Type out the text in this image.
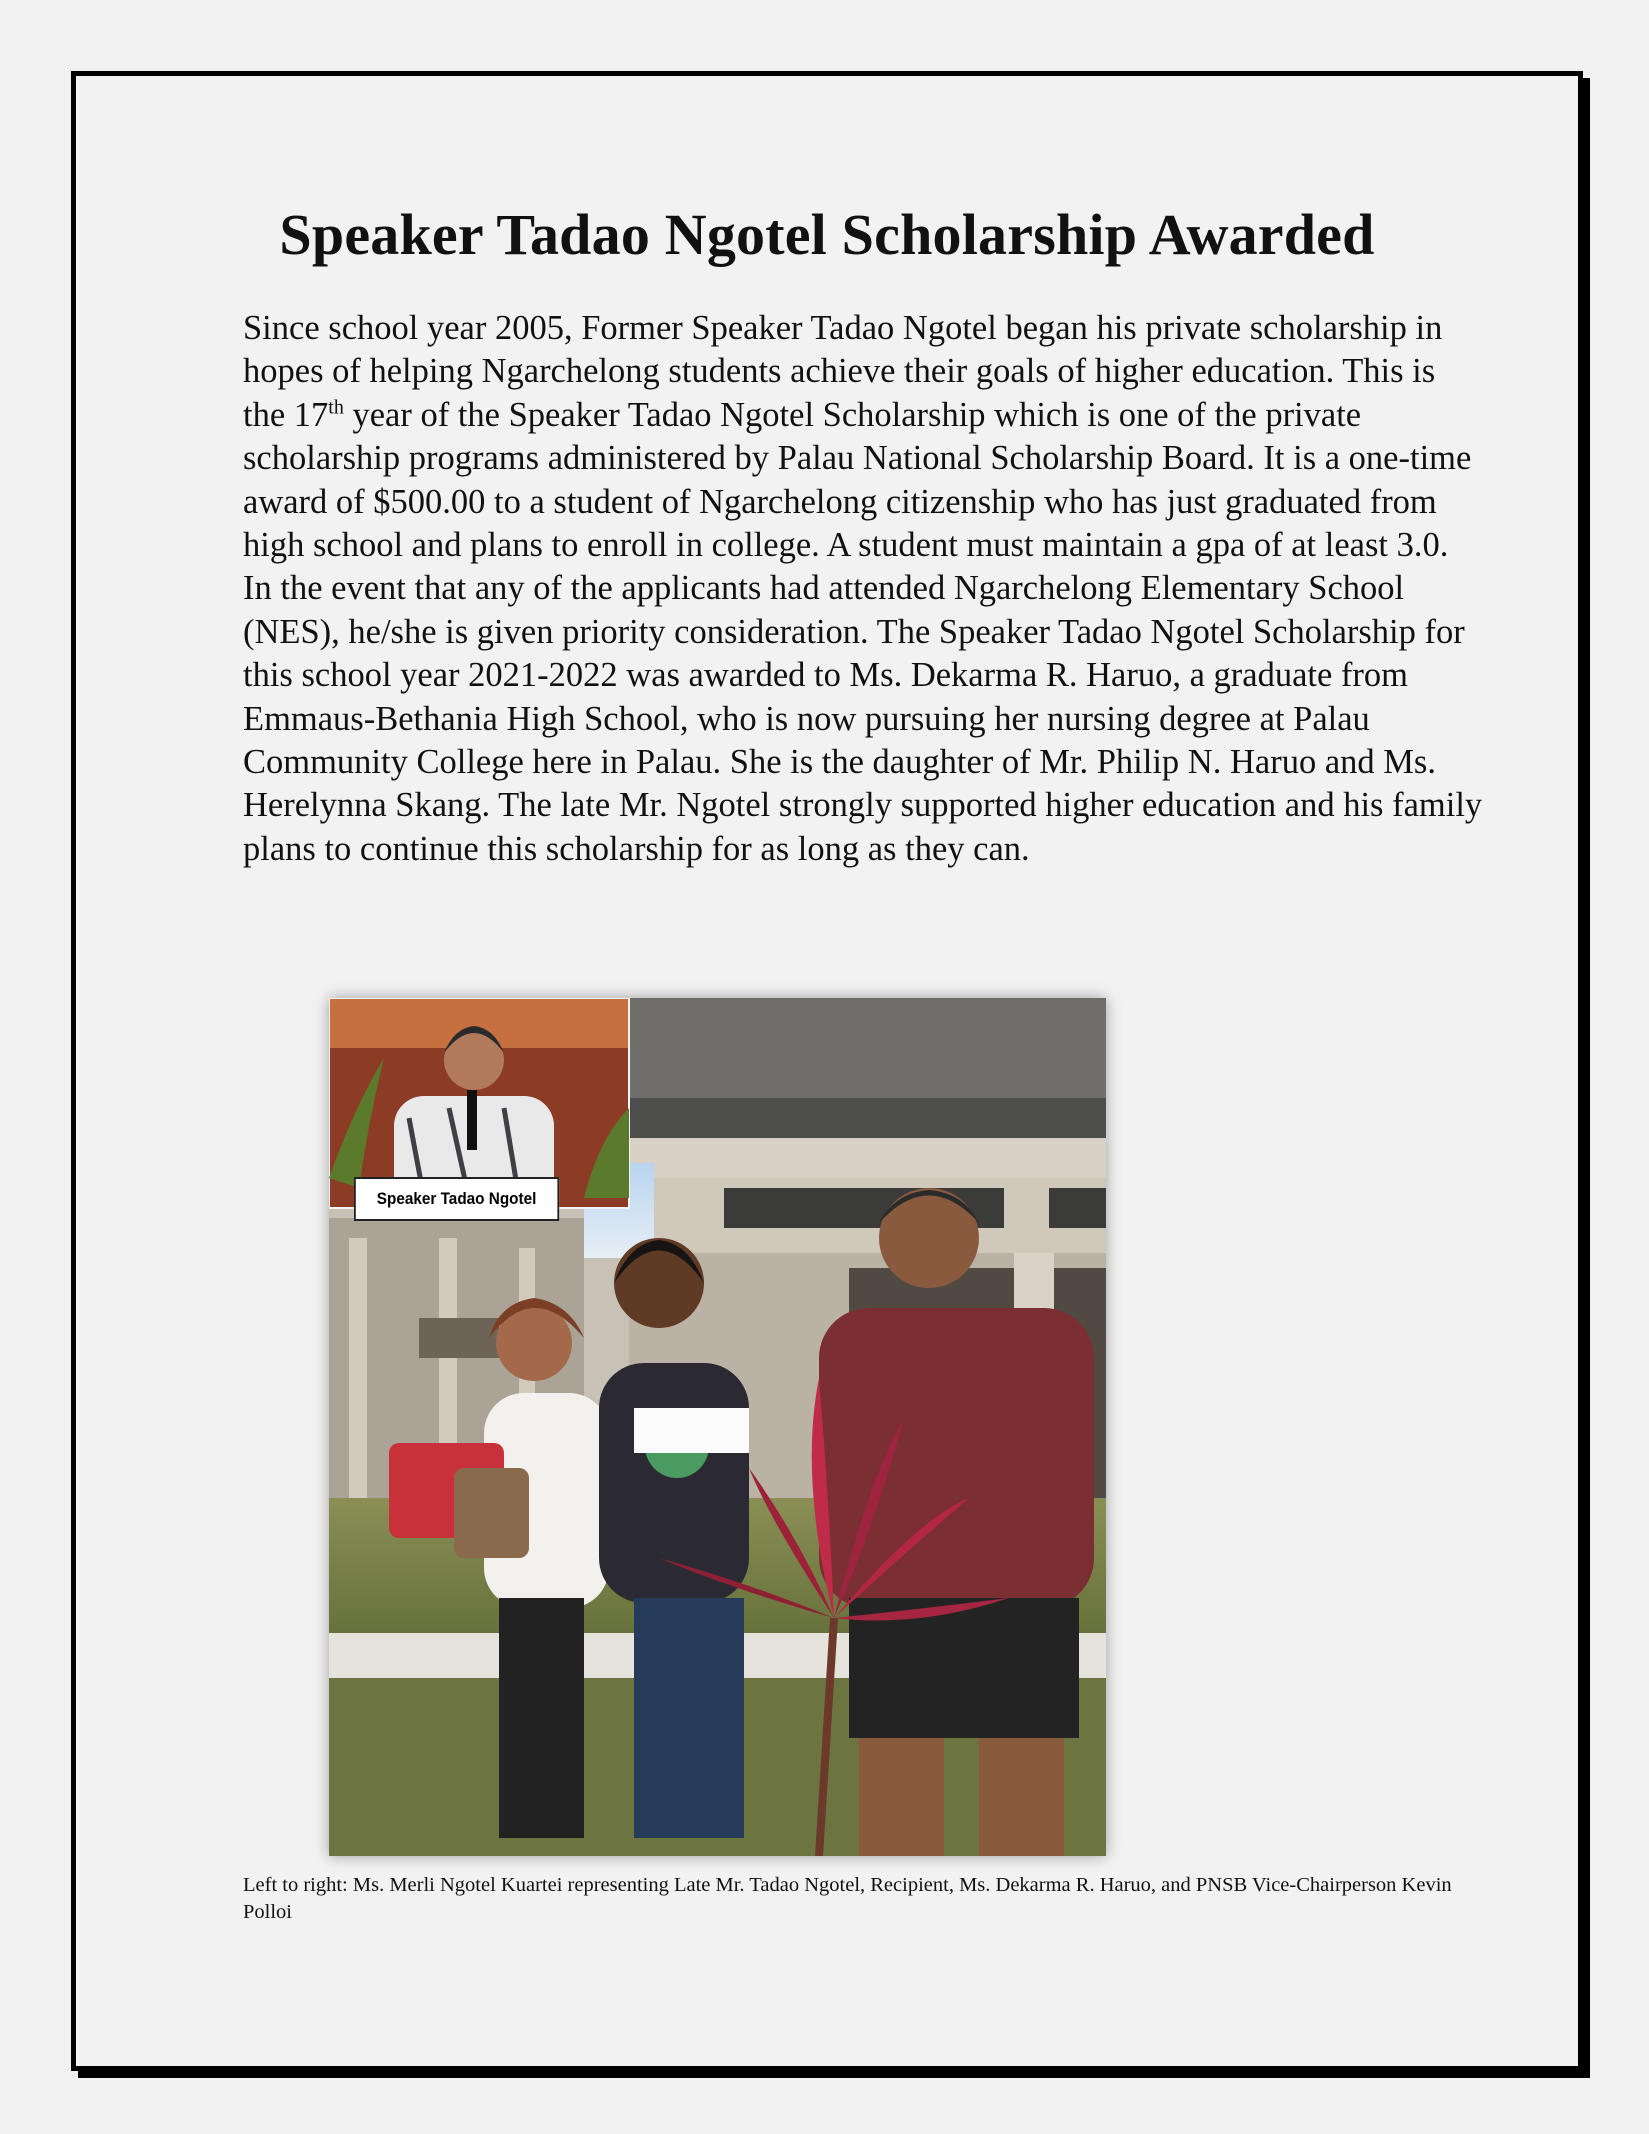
Speaker Tadao Ngotel Scholarship Awarded

Since school year 2005, Former Speaker Tadao Ngotel began his private scholarship in hopes of helping Ngarchelong students achieve their goals of higher education. This is the 17th year of the Speaker Tadao Ngotel Scholarship which is one of the private scholarship programs administered by Palau National Scholarship Board. It is a one-time award of $500.00 to a student of Ngarchelong citizenship who has just graduated from high school and plans to enroll in college. A student must maintain a gpa of at least 3.0. In the event that any of the applicants had attended Ngarchelong Elementary School (NES), he/she is given priority consideration. The Speaker Tadao Ngotel Scholarship for this school year 2021-2022 was awarded to Ms. Dekarma R. Haruo, a graduate from Emmaus-Bethania High School, who is now pursuing her nursing degree at Palau Community College here in Palau. She is the daughter of Mr. Philip N. Haruo and Ms. Herelynna Skang. The late Mr. Ngotel strongly supported higher education and his family plans to continue this scholarship for as long as they can.

Speaker Tadao Ngotel

Left to right: Ms. Merli Ngotel Kuartei representing Late Mr. Tadao Ngotel, Recipient, Ms. Dekarma R. Haruo, and PNSB Vice-Chairperson Kevin Polloi
